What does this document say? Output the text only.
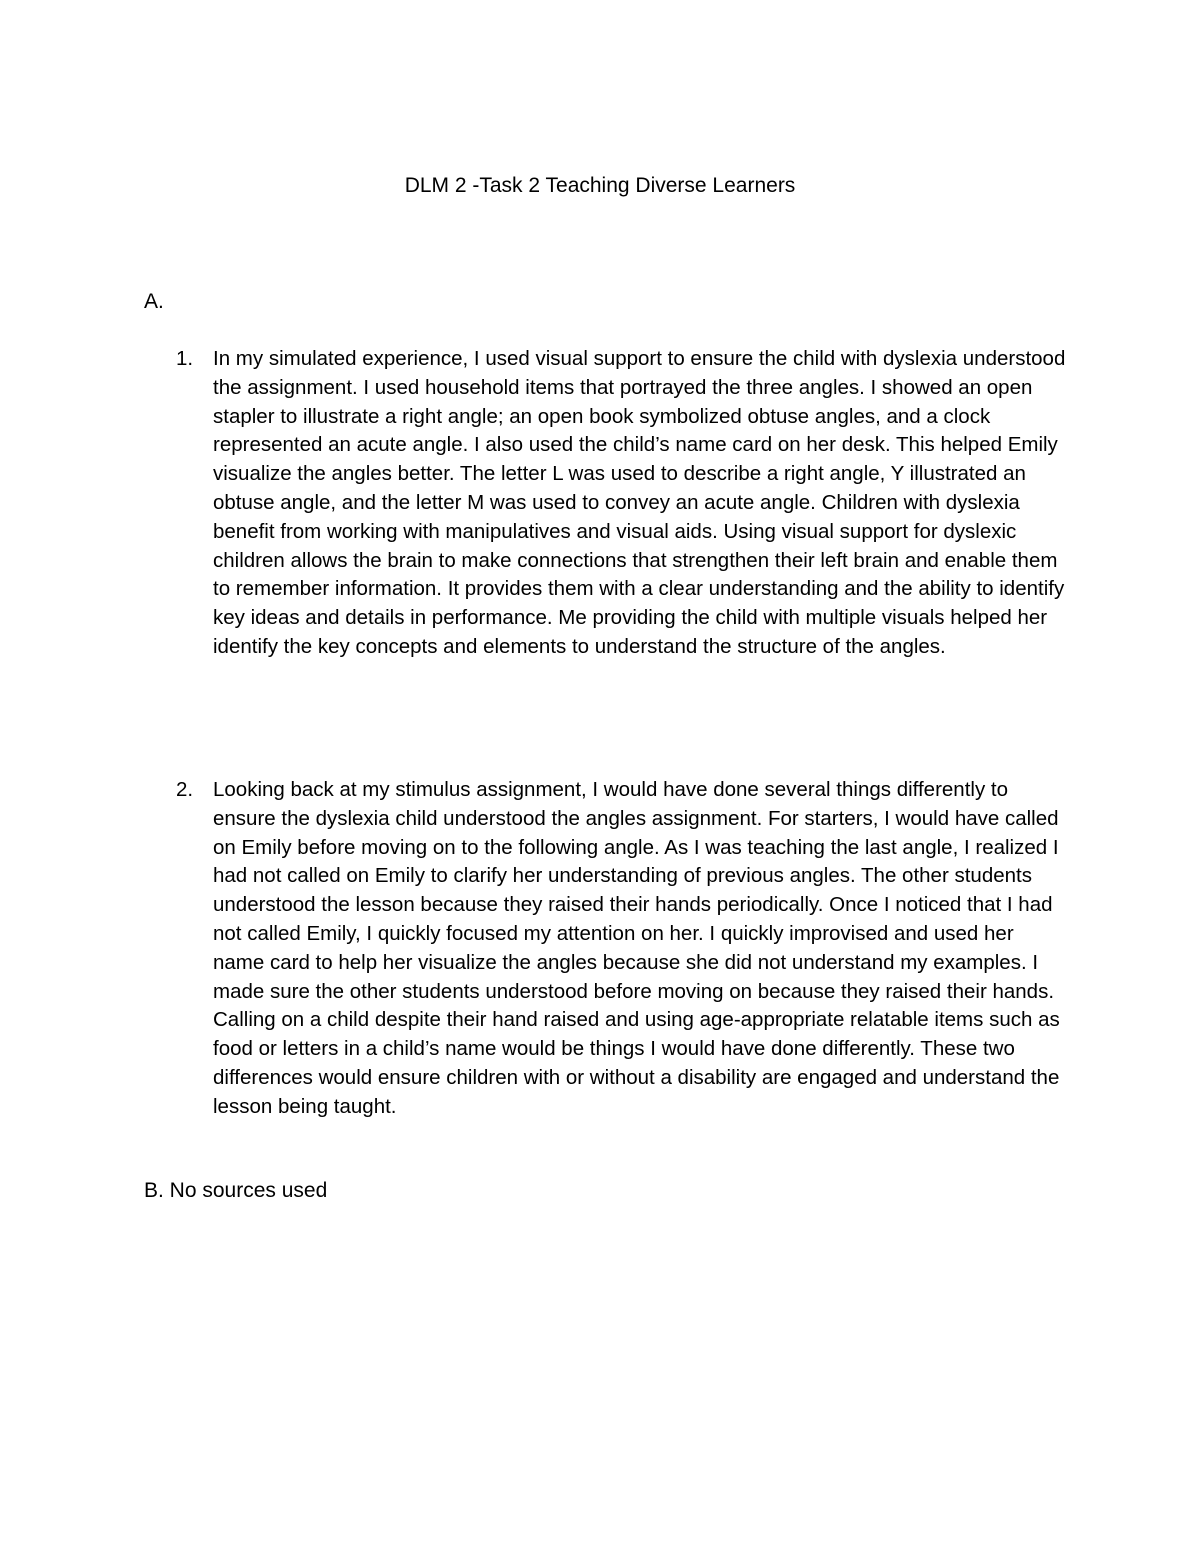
DLM 2 -Task 2 Teaching Diverse Learners
A.
1. In my simulated experience, I used visual support to ensure the child with dyslexia understood the assignment. I used household items that portrayed the three angles. I showed an open stapler to illustrate a right angle; an open book symbolized obtuse angles, and a clock represented an acute angle. I also used the child’s name card on her desk. This helped Emily visualize the angles better. The letter L was used to describe a right angle, Y illustrated an obtuse angle, and the letter M was used to convey an acute angle. Children with dyslexia benefit from working with manipulatives and visual aids. Using visual support for dyslexic children allows the brain to make connections that strengthen their left brain and enable them to remember information. It provides them with a clear understanding and the ability to identify key ideas and details in performance. Me providing the child with multiple visuals helped her identify the key concepts and elements to understand the structure of the angles.
2. Looking back at my stimulus assignment, I would have done several things differently to ensure the dyslexia child understood the angles assignment. For starters, I would have called on Emily before moving on to the following angle. As I was teaching the last angle, I realized I had not called on Emily to clarify her understanding of previous angles. The other students understood the lesson because they raised their hands periodically. Once I noticed that I had not called Emily, I quickly focused my attention on her. I quickly improvised and used her name card to help her visualize the angles because she did not understand my examples. I made sure the other students understood before moving on because they raised their hands. Calling on a child despite their hand raised and using age-appropriate relatable items such as food or letters in a child’s name would be things I would have done differently. These two differences would ensure children with or without a disability are engaged and understand the lesson being taught.
B. No sources used
